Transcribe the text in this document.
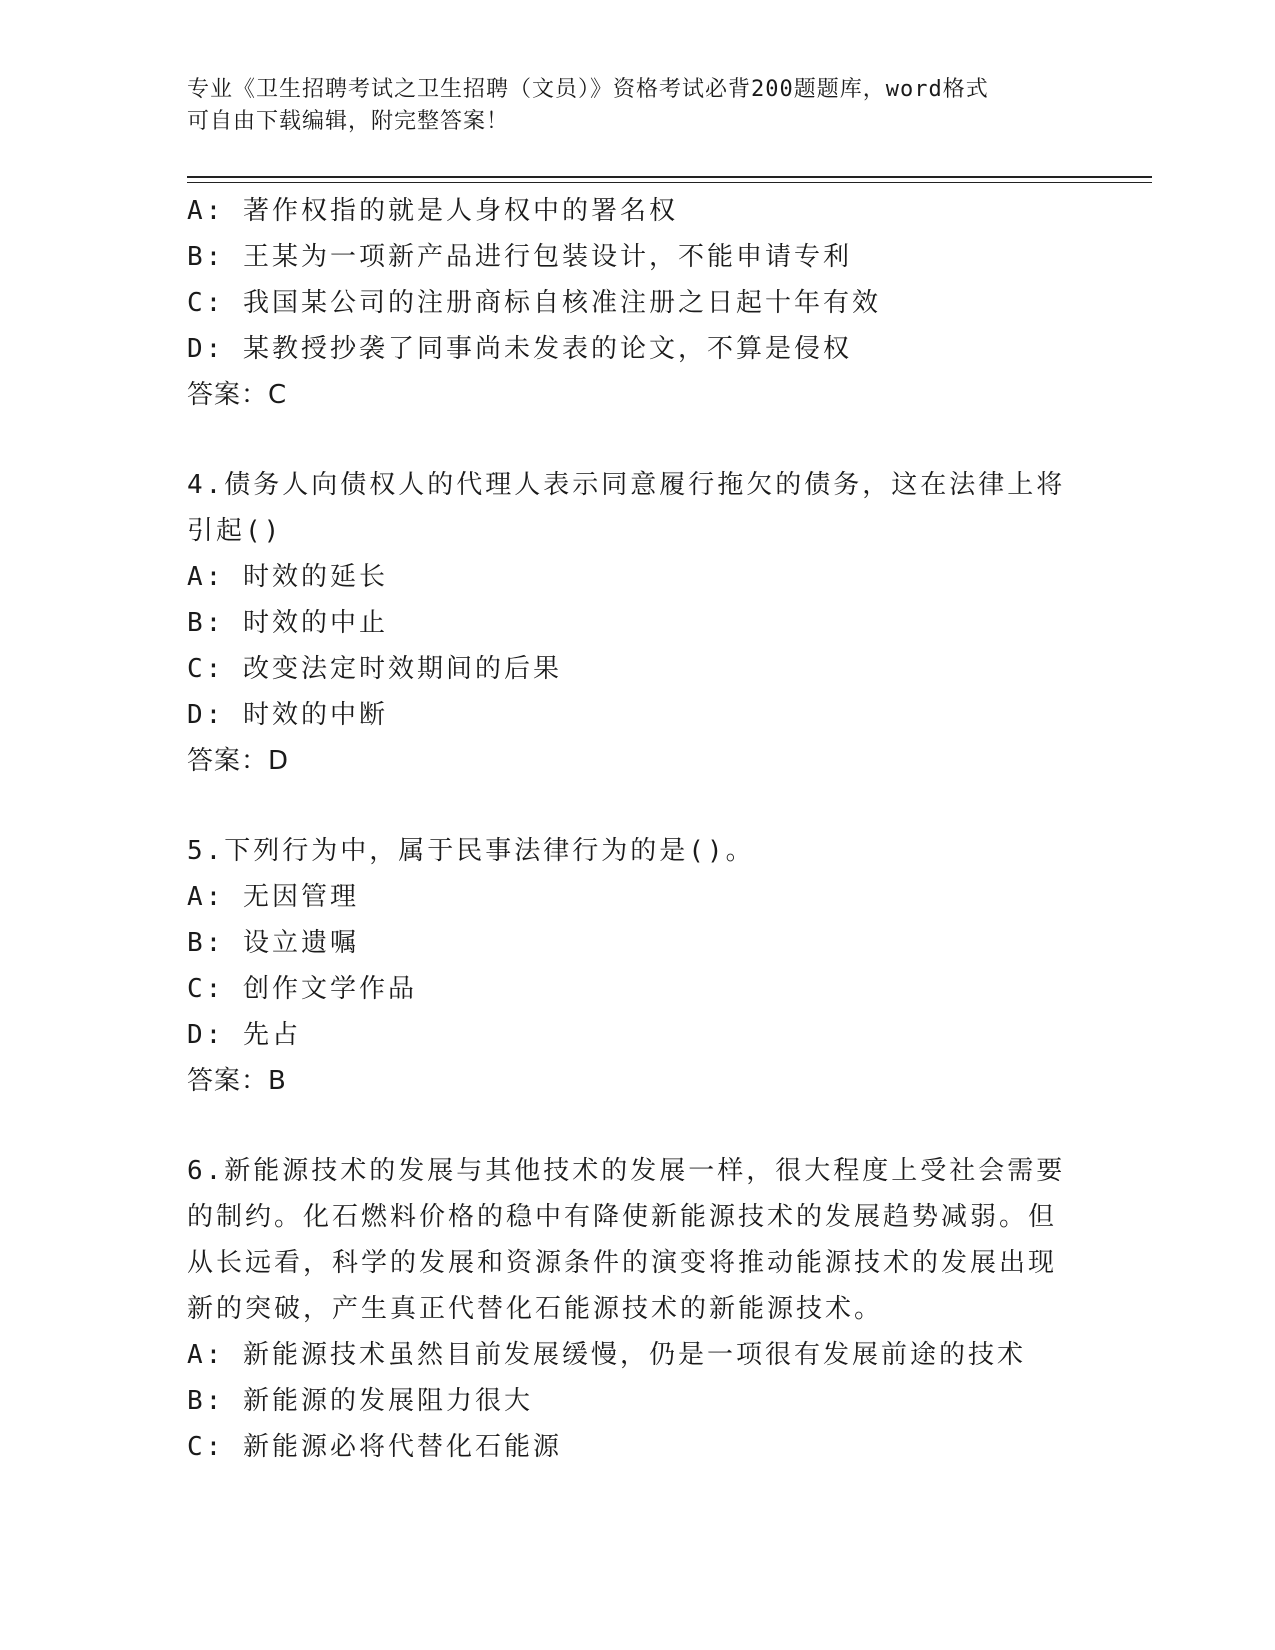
专业《卫生招聘考试之卫生招聘（文员）》资格考试必背200题题库，word格式
可自由下载编辑，附完整答案！
A: 著作权指的就是人身权中的署名权
B: 王某为一项新产品进行包装设计，不能申请专利
C: 我国某公司的注册商标自核准注册之日起十年有效
D: 某教授抄袭了同事尚未发表的论文，不算是侵权
答案：C
4.债务人向债权人的代理人表示同意履行拖欠的债务，这在法律上将
引起()
A: 时效的延长
B: 时效的中止
C: 改变法定时效期间的后果
D: 时效的中断
答案：D
5.下列行为中，属于民事法律行为的是()。
A: 无因管理
B: 设立遗嘱
C: 创作文学作品
D: 先占
答案：B
6.新能源技术的发展与其他技术的发展一样，很大程度上受社会需要
的制约。化石燃料价格的稳中有降使新能源技术的发展趋势减弱。但
从长远看，科学的发展和资源条件的演变将推动能源技术的发展出现
新的突破，产生真正代替化石能源技术的新能源技术。
A: 新能源技术虽然目前发展缓慢，仍是一项很有发展前途的技术
B: 新能源的发展阻力很大
C: 新能源必将代替化石能源
